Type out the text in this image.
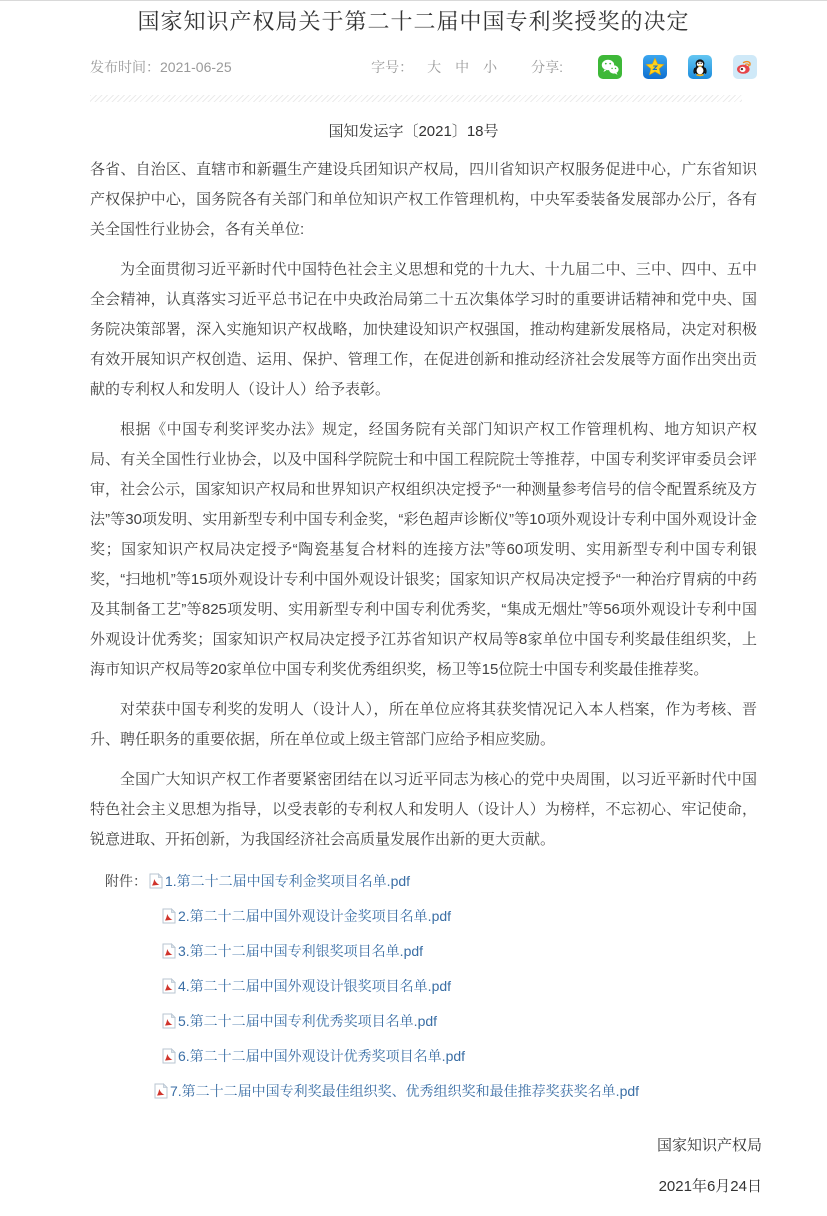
国家知识产权局关于第二十二届中国专利奖授奖的决定
发布时间：2021-06-25	字号： 大 中 小 分享:
国知发运字〔2021〕18号

各省、自治区、直辖市和新疆生产建设兵团知识产权局，四川省知识产权服务促进中心，广东省知识产权保护中心，国务院各有关部门和单位知识产权工作管理机构，中央军委装备发展部办公厅，各有关全国性行业协会，各有关单位:

为全面贯彻习近平新时代中国特色社会主义思想和党的十九大、十九届二中、三中、四中、五中全会精神，认真落实习近平总书记在中央政治局第二十五次集体学习时的重要讲话精神和党中央、国务院决策部署，深入实施知识产权战略，加快建设知识产权强国，推动构建新发展格局，决定对积极有效开展知识产权创造、运用、保护、管理工作，在促进创新和推动经济社会发展等方面作出突出贡献的专利权人和发明人（设计人）给予表彰。

根据《中国专利奖评奖办法》规定，经国务院有关部门知识产权工作管理机构、地方知识产权局、有关全国性行业协会，以及中国科学院院士和中国工程院院士等推荐，中国专利奖评审委员会评审，社会公示，国家知识产权局和世界知识产权组织决定授予“一种测量参考信号的信令配置系统及方法”等30项发明、实用新型专利中国专利金奖，“彩色超声诊断仪”等10项外观设计专利中国外观设计金奖；国家知识产权局决定授予“陶瓷基复合材料的连接方法”等60项发明、实用新型专利中国专利银奖，“扫地机”等15项外观设计专利中国外观设计银奖；国家知识产权局决定授予“一种治疗胃病的中药及其制备工艺”等825项发明、实用新型专利中国专利优秀奖，“集成无烟灶”等56项外观设计专利中国外观设计优秀奖；国家知识产权局决定授予江苏省知识产权局等8家单位中国专利奖最佳组织奖，上海市知识产权局等20家单位中国专利奖优秀组织奖，杨卫等15位院士中国专利奖最佳推荐奖。

对荣获中国专利奖的发明人（设计人），所在单位应将其获奖情况记入本人档案，作为考核、晋升、聘任职务的重要依据，所在单位或上级主管部门应给予相应奖励。

全国广大知识产权工作者要紧密团结在以习近平同志为核心的党中央周围，以习近平新时代中国特色社会主义思想为指导，以受表彰的专利权人和发明人（设计人）为榜样，不忘初心、牢记使命，锐意进取、开拓创新，为我国经济社会高质量发展作出新的更大贡献。

附件： 1.第二十二届中国专利金奖项目名单.pdf
2.第二十二届中国外观设计金奖项目名单.pdf
3.第二十二届中国专利银奖项目名单.pdf
4.第二十二届中国外观设计银奖项目名单.pdf
5.第二十二届中国专利优秀奖项目名单.pdf
6.第二十二届中国外观设计优秀奖项目名单.pdf
7.第二十二届中国专利奖最佳组织奖、优秀组织奖和最佳推荐奖获奖名单.pdf
国家知识产权局
2021年6月24日
